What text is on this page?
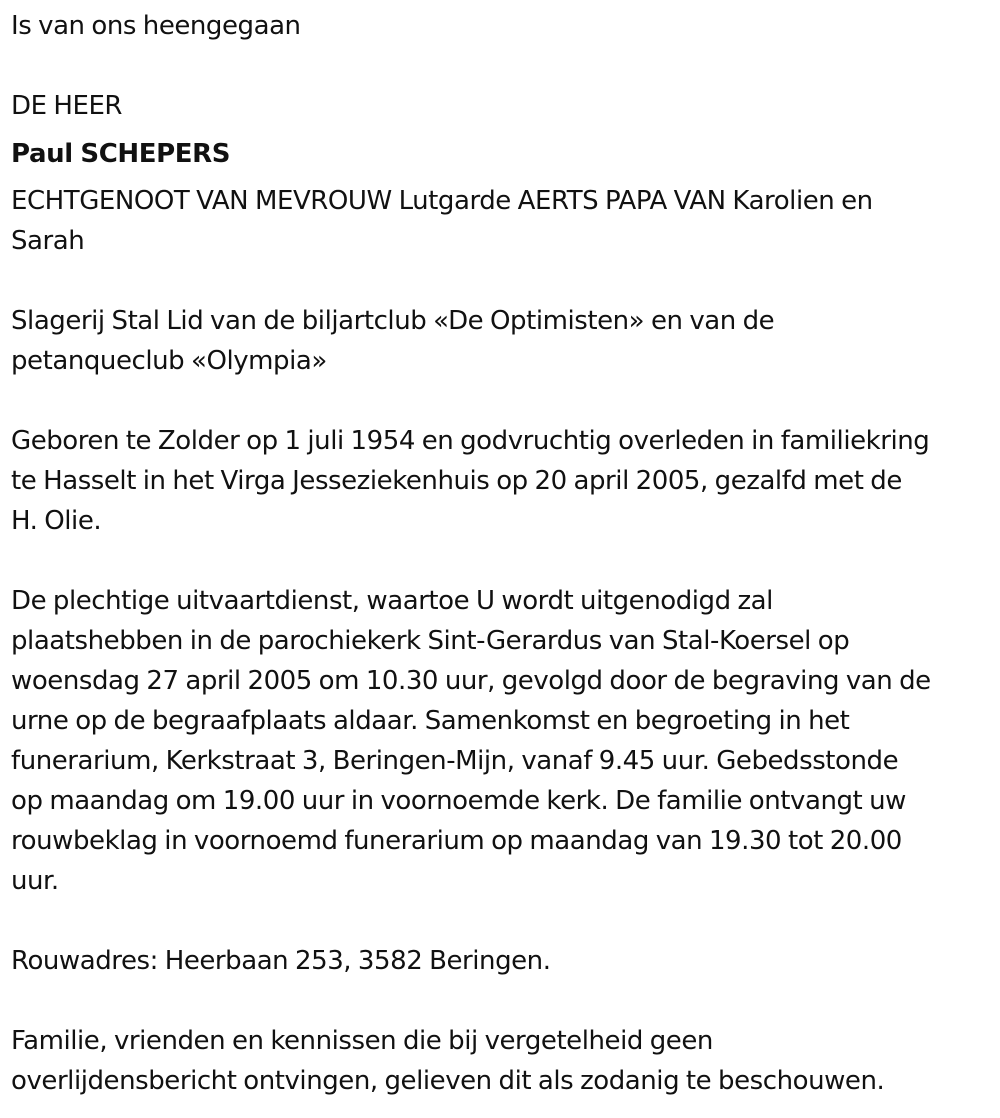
Is van ons heengegaan

DE HEER

Paul SCHEPERS

ECHTGENOOT VAN MEVROUW Lutgarde AERTS PAPA VAN Karolien en

Sarah

Slagerij Stal Lid van de biljartclub «De Optimisten» en van de

petanqueclub «Olympia»

Geboren te Zolder op 1 juli 1954 en godvruchtig overleden in familiekring

te Hasselt in het Virga Jesseziekenhuis op 20 april 2005, gezalfd met de

H. Olie.

De plechtige uitvaartdienst, waartoe U wordt uitgenodigd zal

plaatshebben in de parochiekerk Sint-Gerardus van Stal-Koersel op

woensdag 27 april 2005 om 10.30 uur, gevolgd door de begraving van de

urne op de begraafplaats aldaar. Samenkomst en begroeting in het

funerarium, Kerkstraat 3, Beringen-Mijn, vanaf 9.45 uur. Gebedsstonde

op maandag om 19.00 uur in voornoemde kerk. De familie ontvangt uw

rouwbeklag in voornoemd funerarium op maandag van 19.30 tot 20.00

uur.

Rouwadres: Heerbaan 253, 3582 Beringen.

Familie, vrienden en kennissen die bij vergetelheid geen

overlijdensbericht ontvingen, gelieven dit als zodanig te beschouwen.
